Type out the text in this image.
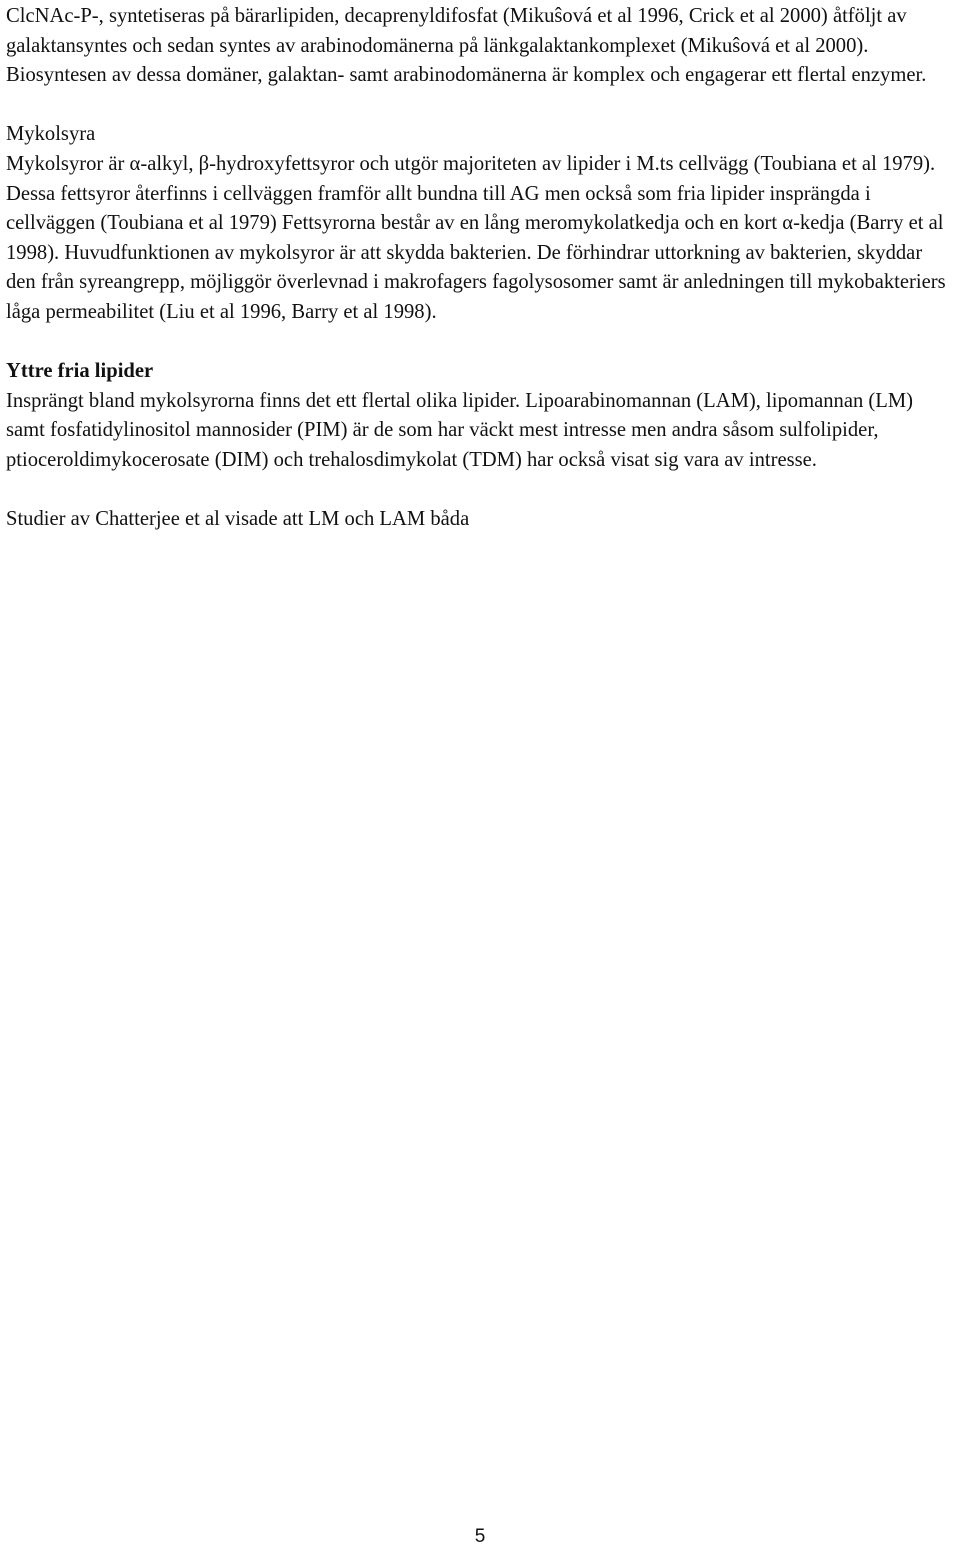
ClcNAc-P-, syntetiseras på bärarlipiden, decaprenyldifosfat (Mikuŝová et al 1996, Crick et al 2000) åtföljt av galaktansyntes och sedan syntes av arabinodomänerna på länkgalaktankomplexet (Mikuŝová et al 2000). Biosyntesen av dessa domäner, galaktan- samt arabinodomänerna är komplex och engagerar ett flertal enzymer.

Mykolsyra

Mykolsyror är α-alkyl, β-hydroxyfettsyror och utgör majoriteten av lipider i M.ts cellvägg (Toubiana et al 1979). Dessa fettsyror återfinns i cellväggen framför allt bundna till AG men också som fria lipider insprängda i cellväggen (Toubiana et al 1979) Fettsyrorna består av en lång meromykolatkedja och en kort α-kedja (Barry et al 1998). Huvudfunktionen av mykolsyror är att skydda bakterien. De förhindrar uttorkning av bakterien, skyddar den från syreangrepp, möjliggör överlevnad i makrofagers fagolysosomer samt är anledningen till mykobakteriers låga permeabilitet (Liu et al 1996, Barry et al 1998).

Yttre fria lipider

Insprängt bland mykolsyrorna finns det ett flertal olika lipider. Lipoarabinomannan (LAM), lipomannan (LM) samt fosfatidylinositol mannosider (PIM) är de som har väckt mest intresse men andra såsom sulfolipider, ptioceroldimykocerosate (DIM) och trehalosdimykolat (TDM) har också visat sig vara av intresse.

Studier av Chatterjee et al visade att LM och LAM båda

5
